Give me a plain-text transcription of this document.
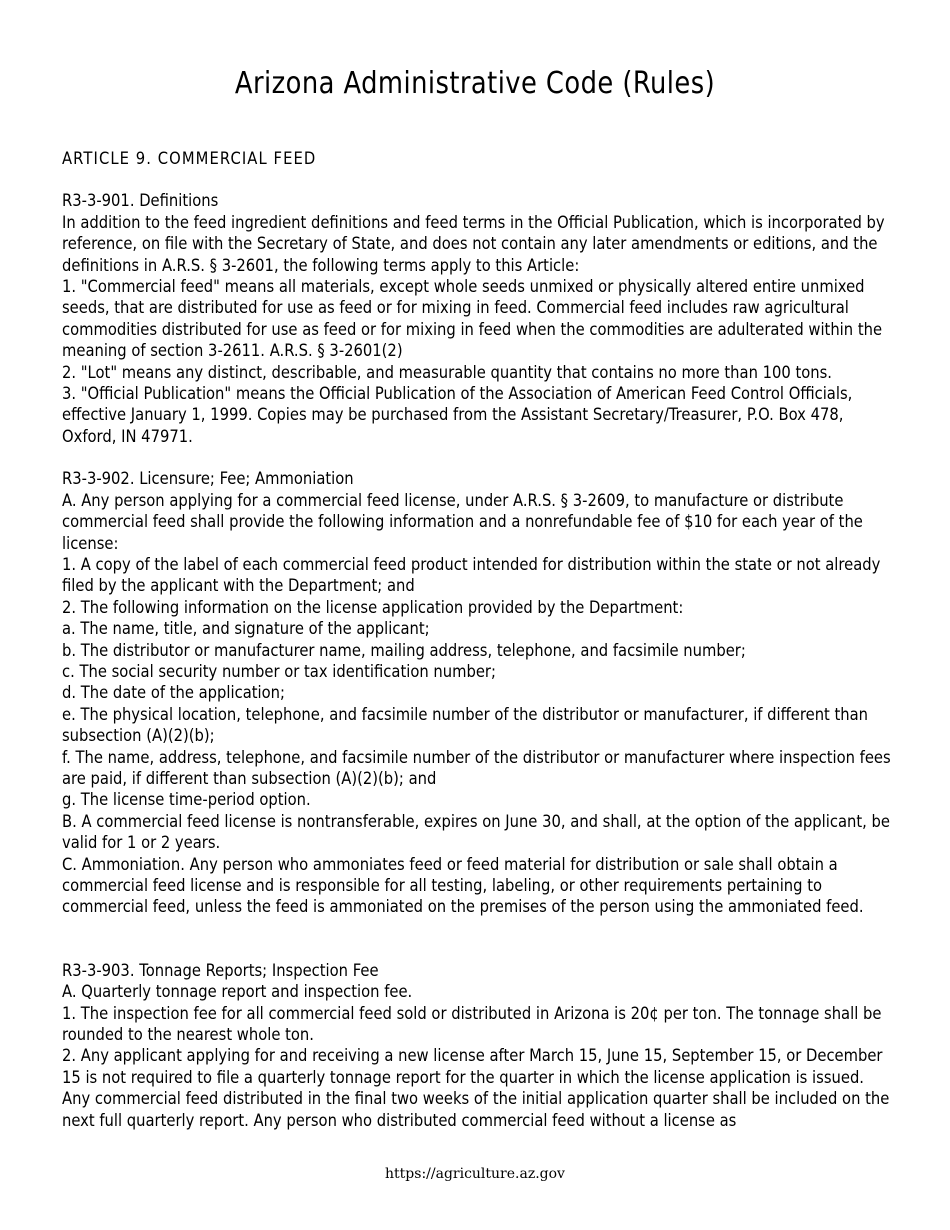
Arizona Administrative Code (Rules)
ARTICLE 9. COMMERCIAL FEED

R3-3-901. Definitions

In addition to the feed ingredient definitions and feed terms in the Official Publication, which is incorporated by reference, on file with the Secretary of State, and does not contain any later amendments or editions, and the definitions in A.R.S. § 3-2601, the following terms apply to this Article:

1. "Commercial feed" means all materials, except whole seeds unmixed or physically altered entire unmixed seeds, that are distributed for use as feed or for mixing in feed. Commercial feed includes raw agricultural commodities distributed for use as feed or for mixing in feed when the commodities are adulterated within the meaning of section 3-2611. A.R.S. § 3-2601(2)

2. "Lot" means any distinct, describable, and measurable quantity that contains no more than 100 tons.

3. "Official Publication" means the Official Publication of the Association of American Feed Control Officials, effective January 1, 1999. Copies may be purchased from the Assistant Secretary/Treasurer, P.O. Box 478, Oxford, IN 47971.

R3-3-902. Licensure; Fee; Ammoniation

A. Any person applying for a commercial feed license, under A.R.S. § 3-2609, to manufacture or distribute commercial feed shall provide the following information and a nonrefundable fee of $10 for each year of the license:

1. A copy of the label of each commercial feed product intended for distribution within the state or not already filed by the applicant with the Department; and

2. The following information on the license application provided by the Department:

a. The name, title, and signature of the applicant;

b. The distributor or manufacturer name, mailing address, telephone, and facsimile number;

c. The social security number or tax identification number;

d. The date of the application;

e. The physical location, telephone, and facsimile number of the distributor or manufacturer, if different than subsection (A)(2)(b);

f. The name, address, telephone, and facsimile number of the distributor or manufacturer where inspection fees are paid, if different than subsection (A)(2)(b); and

g. The license time-period option.

B. A commercial feed license is nontransferable, expires on June 30, and shall, at the option of the applicant, be valid for 1 or 2 years.

C. Ammoniation. Any person who ammoniates feed or feed material for distribution or sale shall obtain a commercial feed license and is responsible for all testing, labeling, or other requirements pertaining to commercial feed, unless the feed is ammoniated on the premises of the person using the ammoniated feed.

R3-3-903. Tonnage Reports; Inspection Fee

A. Quarterly tonnage report and inspection fee.

1. The inspection fee for all commercial feed sold or distributed in Arizona is 20¢ per ton. The tonnage shall be rounded to the nearest whole ton.

2. Any applicant applying for and receiving a new license after March 15, June 15, September 15, or December 15 is not required to file a quarterly tonnage report for the quarter in which the license application is issued. Any commercial feed distributed in the final two weeks of the initial application quarter shall be included on the next full quarterly report. Any person who distributed commercial feed without a license as

https://agriculture.az.gov
